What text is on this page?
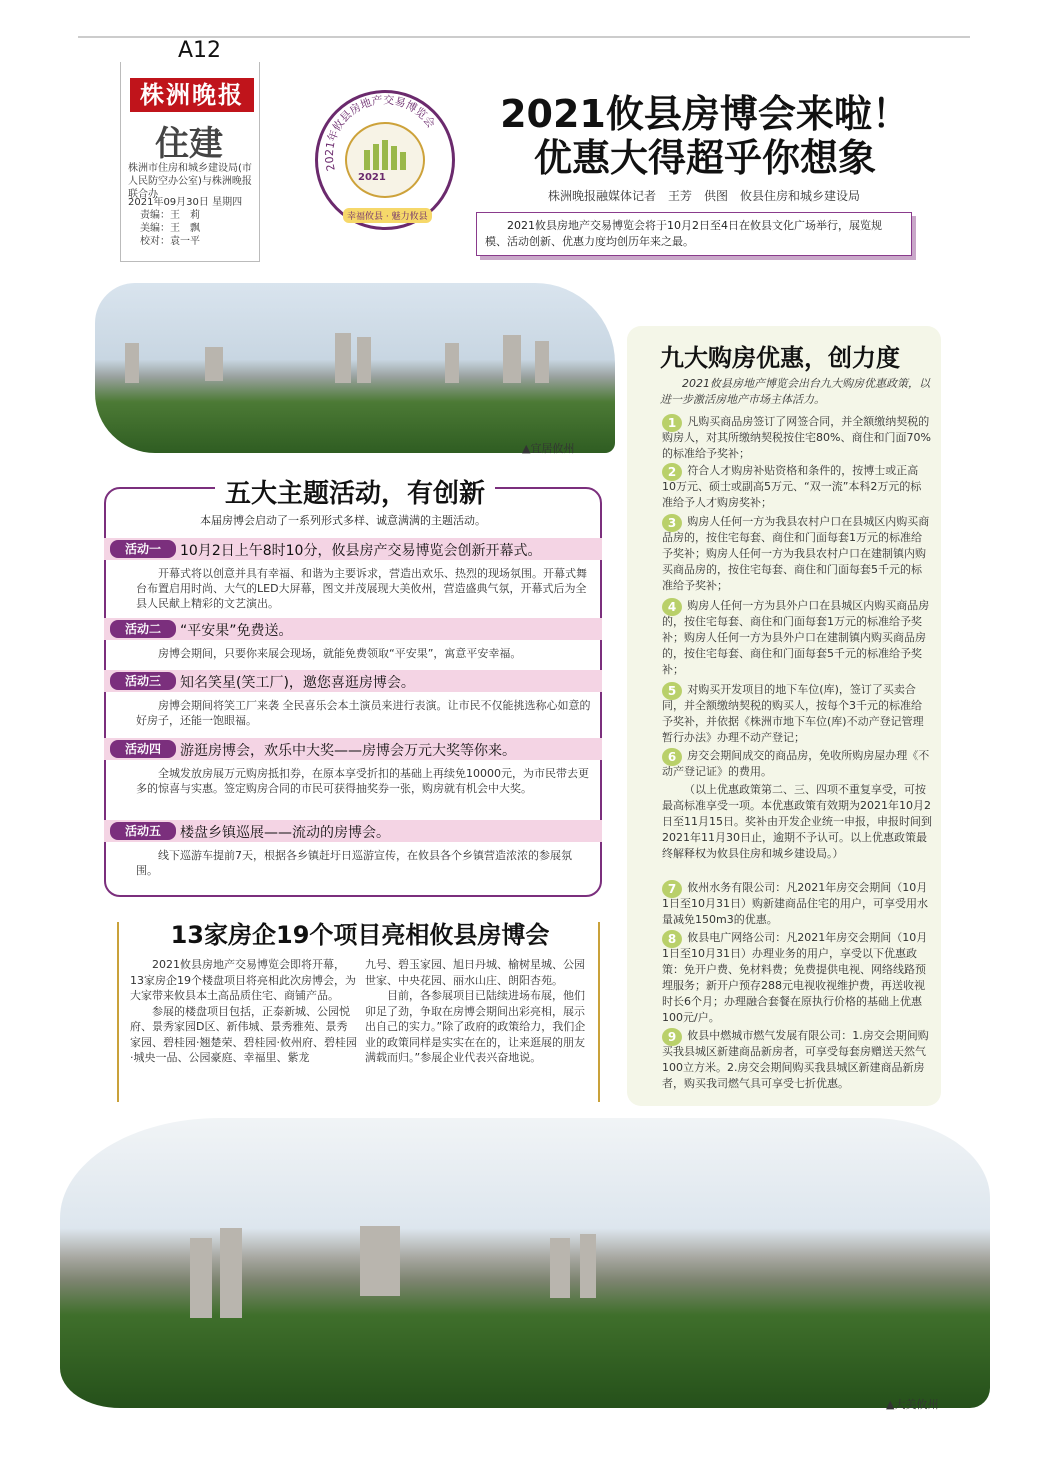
A12
株洲晚报
住建
株洲市住房和城乡建设局(市人民防空办公室)与株洲晚报联合办
2021年09月30日 星期四
责编：王　莉
美编：王　飘
校对：袁一平
2021年攸县房地产交易博览会
2021
幸福攸县 · 魅力攸县
2021攸县房博会来啦！
优惠大得超乎你想象
株洲晚报融媒体记者　王芳　供图　攸县住房和城乡建设局
2021攸县房地产交易博览会将于10月2日至4日在攸县文化广场举行，展览规模、活动创新、优惠力度均创历年来之最。
▲宜居攸州
五大主题活动，有创新
本届房博会启动了一系列形式多样、诚意满满的主题活动。
活动一	10月2日上午8时10分，攸县房产交易博览会创新开幕式。
开幕式将以创意并具有幸福、和谐为主要诉求，营造出欢乐、热烈的现场氛围。开幕式舞台布置启用时尚、大气的LED大屏幕，图文并茂展现大美攸州，营造盛典气氛，开幕式后为全县人民献上精彩的文艺演出。
活动二	“平安果”免费送。
房博会期间，只要你来展会现场，就能免费领取“平安果”，寓意平安幸福。
活动三	知名笑星(笑工厂)，邀您喜逛房博会。
房博会期间将笑工厂来袭 全民喜乐会本土演员来进行表演。让市民不仅能挑选称心如意的好房子，还能一饱眼福。
活动四	游逛房博会，欢乐中大奖——房博会万元大奖等你来。
全城发放房展万元购房抵扣券，在原本享受折扣的基础上再续免10000元，为市民带去更多的惊喜与实惠。签定购房合同的市民可获得抽奖券一张，购房就有机会中大奖。
活动五	楼盘乡镇巡展——流动的房博会。
线下巡游车提前7天，根据各乡镇赶圩日巡游宣传，在攸县各个乡镇营造浓浓的参展氛围。
13家房企19个项目亮相攸县房博会

2021攸县房地产交易博览会即将开幕，13家房企19个楼盘项目将亮相此次房博会，为大家带来攸县本土高品质住宅、商铺产品。

参展的楼盘项目包括，正泰新城、公园悦府、景秀家园D区、新伟城、景秀雅苑、景秀家园、碧桂园·翘楚荣、碧桂园·攸州府、碧桂园·城央一品、公园豪庭、幸福里、紫龙

九号、碧玉家园、旭日丹城、榆树星城、公园世家、中央花园、丽水山庄、朗阳杏苑。

目前，各参展项目已陆续进场布展，他们卯足了劲，争取在房博会期间出彩亮相，展示出自己的实力。”除了政府的政策给力，我们企业的政策同样是实实在在的，让来逛展的朋友满载而归。”参展企业代表兴奋地说。

九大购房优惠，创力度
2021攸县房地产博览会出台九大购房优惠政策，以进一步激活房地产市场主体活力。
1	凡购买商品房签订了网签合同，并全额缴纳契税的购房人，对其所缴纳契税按住宅80%、商住和门面70%的标准给予奖补；
2	符合人才购房补贴资格和条件的，按博士或正高10万元、硕士或副高5万元、“双一流”本科2万元的标准给予人才购房奖补；
3	购房人任何一方为我县农村户口在县城区内购买商品房的，按住宅每套、商住和门面每套1万元的标准给予奖补；购房人任何一方为我县农村户口在建制镇内购买商品房的，按住宅每套、商住和门面每套5千元的标准给予奖补；
4	购房人任何一方为县外户口在县城区内购买商品房的，按住宅每套、商住和门面每套1万元的标准给予奖补；购房人任何一方为县外户口在建制镇内购买商品房的，按住宅每套、商住和门面每套5千元的标准给予奖补；
5	对购买开发项目的地下车位(库)，签订了买卖合同，并全额缴纳契税的购买人，按每个3千元的标准给予奖补，并依据《株洲市地下车位(库)不动产登记管理暂行办法》办理不动产登记；
6	房交会期间成交的商品房，免收所购房屋办理《不动产登记证》的费用。
（以上优惠政策第二、三、四项不重复享受，可按最高标准享受一项。本优惠政策有效期为2021年10月2日至11月15日。奖补由开发企业统一申报，申报时间到2021年11月30日止，逾期不予认可。以上优惠政策最终解释权为攸县住房和城乡建设局。）
7	攸州水务有限公司：凡2021年房交会期间（10月1日至10月31日）购新建商品住宅的用户，可享受用水量减免150m3的优惠。
8	攸县电广网络公司：凡2021年房交会期间（10月1日至10月31日）办理业务的用户，享受以下优惠政策：免开户费、免材料费；免费提供电视、网络线路预埋服务；新开户预存288元电视收视维护费，再送收视时长6个月；办理融合套餐在原执行价格的基础上优惠100元/户。
9	攸县中燃城市燃气发展有限公司：1.房交会期间购买我县城区新建商品新房者，可享受每套房赠送天然气100立方米。2.房交会期间购买我县城区新建商品新房者，购买我司燃气具可享受七折优惠。
▲大美攸州
